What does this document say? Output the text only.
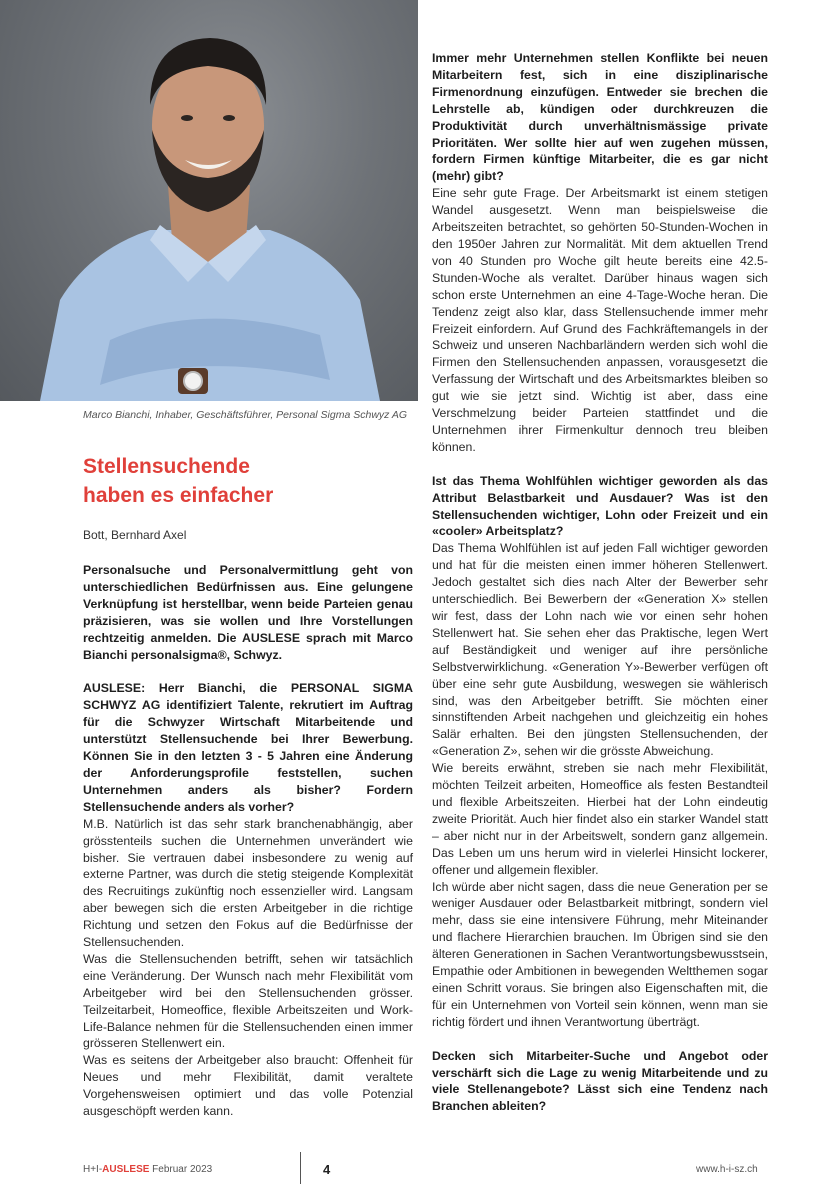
Marco Bianchi, Inhaber, Geschäftsführer, Personal Sigma Schwyz AG
Stellensuchende
haben es einfacher
Bott, Bernhard Axel

Personalsuche und Personalvermittlung geht von unterschiedlichen Bedürfnissen aus. Eine gelungene Verknüpfung ist herstellbar, wenn beide Parteien genau präzisieren, was sie wollen und Ihre Vorstellungen rechtzeitig anmelden. Die AUSLESE sprach mit Marco Bianchi personalsigma®, Schwyz.

AUSLESE: Herr Bianchi, die PERSONAL SIGMA SCHWYZ AG identifiziert Talente, rekrutiert im Auftrag für die Schwyzer Wirtschaft Mitarbeitende und unterstützt Stellensuchende bei Ihrer Bewerbung. Können Sie in den letzten 3 - 5 Jahren eine Änderung der Anforderungsprofile feststellen, suchen Unternehmen anders als bisher? Fordern Stellensuchende anders als vorher?

M.B. Natürlich ist das sehr stark branchenabhängig, aber grösstenteils suchen die Unternehmen unverändert wie bisher. Sie vertrauen dabei insbesondere zu wenig auf externe Partner, was durch die stetig steigende Komplexität des Recruitings zukünftig noch essenzieller wird. Langsam aber bewegen sich die ersten Arbeitgeber in die richtige Richtung und setzen den Fokus auf die Bedürfnisse der Stellensuchenden.

Was die Stellensuchenden betrifft, sehen wir tatsächlich eine Veränderung. Der Wunsch nach mehr Flexibilität vom Arbeitgeber wird bei den Stellensuchenden grösser. Teilzeitarbeit, Homeoffice, flexible Arbeitszeiten und Work-Life-Balance nehmen für die Stellensuchenden einen immer grösseren Stellenwert ein.

Was es seitens der Arbeitgeber also braucht: Offenheit für Neues und mehr Flexibilität, damit veraltete Vorgehensweisen optimiert und das volle Potenzial ausgeschöpft werden kann.

Immer mehr Unternehmen stellen Konflikte bei neuen Mitarbeitern fest, sich in eine disziplinarische Firmenordnung einzufügen. Entweder sie brechen die Lehrstelle ab, kündigen oder durchkreuzen die Produktivität durch unverhältnismässige private Prioritäten. Wer sollte hier auf wen zugehen müssen, fordern Firmen künftige Mitarbeiter, die es gar nicht (mehr) gibt?

Eine sehr gute Frage. Der Arbeitsmarkt ist einem stetigen Wandel ausgesetzt. Wenn man beispielsweise die Arbeitszeiten betrachtet, so gehörten 50-Stunden-Wochen in den 1950er Jahren zur Normalität. Mit dem aktuellen Trend von 40 Stunden pro Woche gilt heute bereits eine 42.5-Stunden-Woche als veraltet. Darüber hinaus wagen sich schon erste Unternehmen an eine 4-Tage-Woche heran. Die Tendenz zeigt also klar, dass Stellensuchende immer mehr Freizeit einfordern. Auf Grund des Fachkräftemangels in der Schweiz und unseren Nachbarländern werden sich wohl die Firmen den Stellensuchenden anpassen, vorausgesetzt die Verfassung der Wirtschaft und des Arbeitsmarktes bleiben so gut wie sie jetzt sind. Wichtig ist aber, dass eine Verschmelzung beider Parteien stattfindet und die Unternehmen ihrer Firmenkultur dennoch treu bleiben können.

Ist das Thema Wohlfühlen wichtiger geworden als das Attribut Belastbarkeit und Ausdauer? Was ist den Stellensuchenden wichtiger, Lohn oder Freizeit und ein «cooler» Arbeitsplatz?

Das Thema Wohlfühlen ist auf jeden Fall wichtiger geworden und hat für die meisten einen immer höheren Stellenwert. Jedoch gestaltet sich dies nach Alter der Bewerber sehr unterschiedlich. Bei Bewerbern der «Generation X» stellen wir fest, dass der Lohn nach wie vor einen sehr hohen Stellenwert hat. Sie sehen eher das Praktische, legen Wert auf Beständigkeit und weniger auf ihre persönliche Selbstverwirklichung. «Generation Y»-Bewerber verfügen oft über eine sehr gute Ausbildung, weswegen sie wählerisch sind, was den Arbeitgeber betrifft. Sie möchten einer sinnstiftenden Arbeit nachgehen und gleichzeitig ein hohes Salär erhalten. Bei den jüngsten Stellensuchenden, der «Generation Z», sehen wir die grösste Abweichung.

Wie bereits erwähnt, streben sie nach mehr Flexibilität, möchten Teilzeit arbeiten, Homeoffice als festen Bestandteil und flexible Arbeitszeiten. Hierbei hat der Lohn eindeutig zweite Priorität. Auch hier findet also ein starker Wandel statt – aber nicht nur in der Arbeitswelt, sondern ganz allgemein. Das Leben um uns herum wird in vielerlei Hinsicht lockerer, offener und allgemein flexibler.

Ich würde aber nicht sagen, dass die neue Generation per se weniger Ausdauer oder Belastbarkeit mitbringt, sondern viel mehr, dass sie eine intensivere Führung, mehr Miteinander und flachere Hierarchien brauchen. Im Übrigen sind sie den älteren Generationen in Sachen Verantwortungsbewusstsein, Empathie oder Ambitionen in bewegenden Weltthemen sogar einen Schritt voraus. Sie bringen also Eigenschaften mit, die für ein Unternehmen von Vorteil sein können, wenn man sie richtig fördert und ihnen Verantwortung überträgt.

Decken sich Mitarbeiter-Suche und Angebot oder verschärft sich die Lage zu wenig Mitarbeitende und zu viele Stellenangebote? Lässt sich eine Tendenz nach Branchen ableiten?

H+I-AUSLESE Februar 2023	4	www.h-i-sz.ch
